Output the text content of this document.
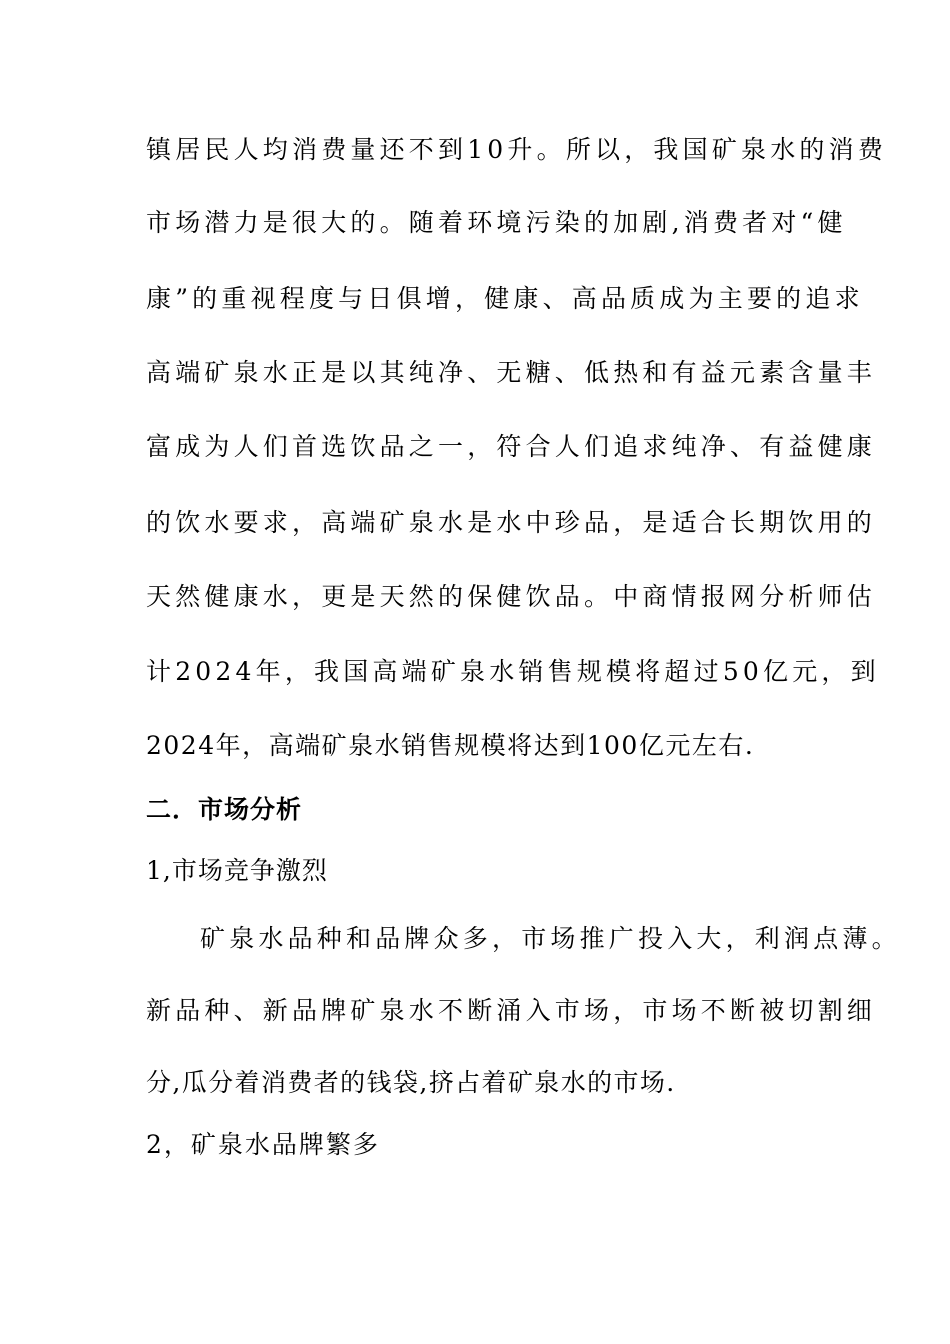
镇居民人均消费量还不到10升。所以，我国矿泉水的消费
市场潜力是很大的。随着环境污染的加剧,消费者对“健
康”的重视程度与日俱增，健康、高品质成为主要的追求
高端矿泉水正是以其纯净、无糖、低热和有益元素含量丰
富成为人们首选饮品之一，符合人们追求纯净、有益健康
的饮水要求，高端矿泉水是水中珍品，是适合长期饮用的
天然健康水，更是天然的保健饮品。中商情报网分析师估
计2024年，我国高端矿泉水销售规模将超过50亿元，到
2024年，高端矿泉水销售规模将达到100亿元左右.
二．市场分析
1,市场竞争激烈
矿泉水品种和品牌众多，市场推广投入大，利润点薄。
新品种、新品牌矿泉水不断涌入市场，市场不断被切割细
分,瓜分着消费者的钱袋,挤占着矿泉水的市场.
2，矿泉水品牌繁多
